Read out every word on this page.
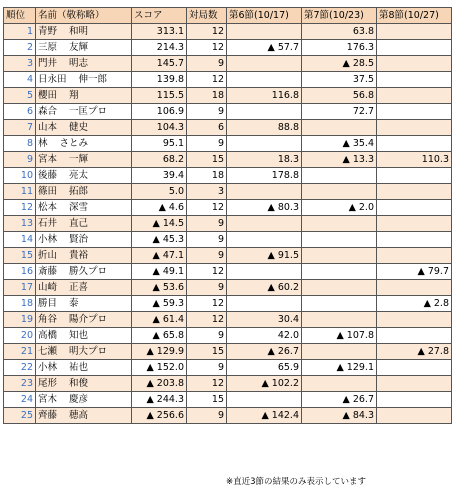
順位	名前（敬称略）	スコア	対局数	第6節(10/17)	第7節(10/23)	第8節(10/27)
1	青野 和明	313.1	12		63.8	
2	三原 友輝	214.3	12	▲ 57.7	176.3	
3	門井 明志	145.7	9		▲ 28.5	
4	日永田 伸一郎	139.8	12		37.5	
5	櫻田 翔	115.5	18	116.8	56.8	
6	森合 一匡プロ	106.9	9		72.7	
7	山本 健史	104.3	6	88.8		
8	林 さとみ	95.1	9		▲ 35.4	
9	宮本 一輝	68.2	15	18.3	▲ 13.3	110.3
10	後藤 亮太	39.4	18	178.8		
11	篠田 拓郎	5.0	3			
12	松本 深雪	▲ 4.6	12	▲ 80.3	▲ 2.0	
13	石井 直己	▲ 14.5	9			
14	小林 賢治	▲ 45.3	9			
15	折山 貴裕	▲ 47.1	9	▲ 91.5		
16	斎藤 勝久プロ	▲ 49.1	12			▲ 79.7
17	山崎 正喜	▲ 53.6	9	▲ 60.2		
18	勝目 泰	▲ 59.3	12			▲ 2.8
19	角谷 陽介プロ	▲ 61.4	12	30.4		
20	高橋 知也	▲ 65.8	9	42.0	▲ 107.8	
21	七瀬 明大プロ	▲ 129.9	15	▲ 26.7		▲ 27.8
22	小林 祐也	▲ 152.0	9	65.9	▲ 129.1	
23	尾形 和俊	▲ 203.8	12	▲ 102.2		
24	宮木 慶彦	▲ 244.3	15		▲ 26.7	
25	齊藤 穂高	▲ 256.6	9	▲ 142.4	▲ 84.3	
※直近3節の結果のみ表示しています
